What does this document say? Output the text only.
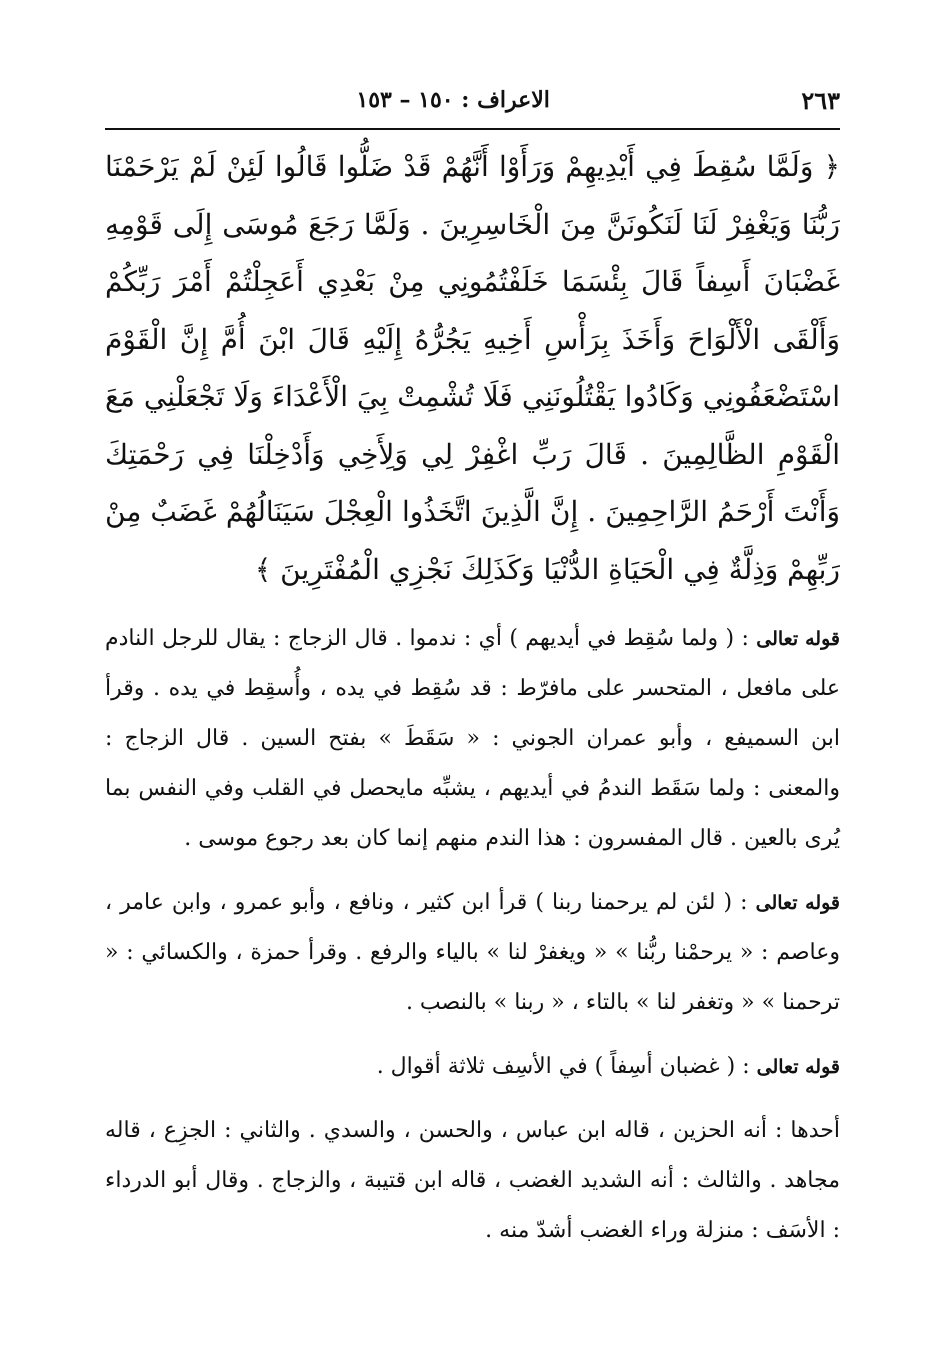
٢٦٣
الاعراف : ١٥٠ – ١٥٣
﴿ وَلَمَّا سُقِطَ فِي أَيْدِيهِمْ وَرَأَوْا أَنَّهُمْ قَدْ ضَلُّوا قَالُوا لَئِنْ لَمْ يَرْحَمْنَا رَبُّنَا وَيَغْفِرْ لَنَا لَنَكُونَنَّ مِنَ الْخَاسِرِينَ . وَلَمَّا رَجَعَ مُوسَى إِلَى قَوْمِهِ غَضْبَانَ أَسِفاً قَالَ بِئْسَمَا خَلَفْتُمُونِي مِنْ بَعْدِي أَعَجِلْتُمْ أَمْرَ رَبِّكُمْ وَأَلْقَى الْأَلْوَاحَ وَأَخَذَ بِرَأْسِ أَخِيهِ يَجُرُّهُ إِلَيْهِ قَالَ ابْنَ أُمَّ إِنَّ الْقَوْمَ اسْتَضْعَفُونِي وَكَادُوا يَقْتُلُونَنِي فَلَا تُشْمِتْ بِيَ الْأَعْدَاءَ وَلَا تَجْعَلْنِي مَعَ الْقَوْمِ الظَّالِمِينَ . قَالَ رَبِّ اغْفِرْ لِي وَلِأَخِي وَأَدْخِلْنَا فِي رَحْمَتِكَ وَأَنْتَ أَرْحَمُ الرَّاحِمِينَ . إِنَّ الَّذِينَ اتَّخَذُوا الْعِجْلَ سَيَنَالُهُمْ غَضَبٌ مِنْ رَبِّهِمْ وَذِلَّةٌ فِي الْحَيَاةِ الدُّنْيَا وَكَذَلِكَ نَجْزِي الْمُفْتَرِينَ ﴾

قوله تعالى : ( ولما سُقِط في أيديهم ) أي : ندموا . قال الزجاج : يقال للرجل النادم على مافعل ، المتحسر على مافرّط : قد سُقِط في يده ، وأُسقِط في يده . وقرأ ابن السميفع ، وأبو عمران الجوني : « سَقَطَ » بفتح السين . قال الزجاج : والمعنى : ولما سَقَط الندمُ في أيديهم ، يشبِّه مايحصل في القلب وفي النفس بما يُرى بالعين . قال المفسرون : هذا الندم منهم إنما كان بعد رجوع موسى .

قوله تعالى : ( لئن لم يرحمنا ربنا ) قرأ ابن كثير ، ونافع ، وأبو عمرو ، وابن عامر ، وعاصم : « يرحمْنا ربُّنا » « ويغفرْ لنا » بالياء والرفع . وقرأ حمزة ، والكسائي : « ترحمنا » « وتغفر لنا » بالتاء ، « ربنا » بالنصب .

قوله تعالى : ( غضبان أسِفاً ) في الأسِف ثلاثة أقوال .

أحدها : أنه الحزين ، قاله ابن عباس ، والحسن ، والسدي . والثاني : الجزِع ، قاله مجاهد . والثالث : أنه الشديد الغضب ، قاله ابن قتيبة ، والزجاج . وقال أبو الدرداء : الأسَف : منزلة وراء الغضب أشدّ منه .
